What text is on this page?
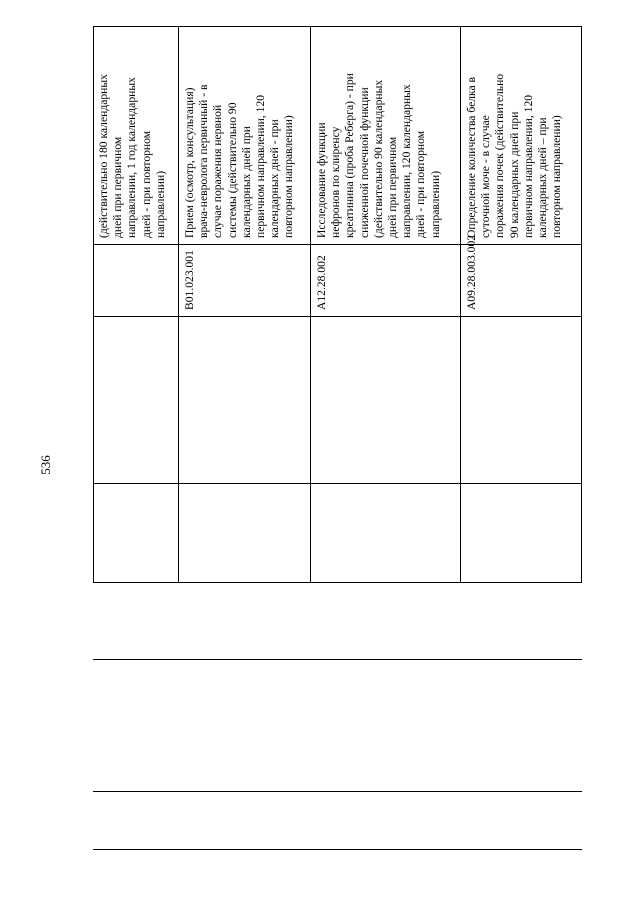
536
(действительно 180 календарных дней при первичном направлении, 1 год календарных дней - при повторном направлении)
B01.023.001
Прием (осмотр, консультация) врача-невролога первичный - в случае поражения нервной системы (действительно 90 календарных дней при первичном направлении, 120 календарных дней - при повторном направлении)
A12.28.002
Исследование функции нефронов по клиренсу креатинина (проба Реберга) - при сниженной почечной функции (действительно 90 календарных дней при первичном направлении, 120 календарных дней - при повторном направлении)
A09.28.003.002
Определение количества белка в суточной моче - в случае поражения почек (действительно 90 календарных дней при первичном направлении, 120 календарных дней – при повторном направлении)
